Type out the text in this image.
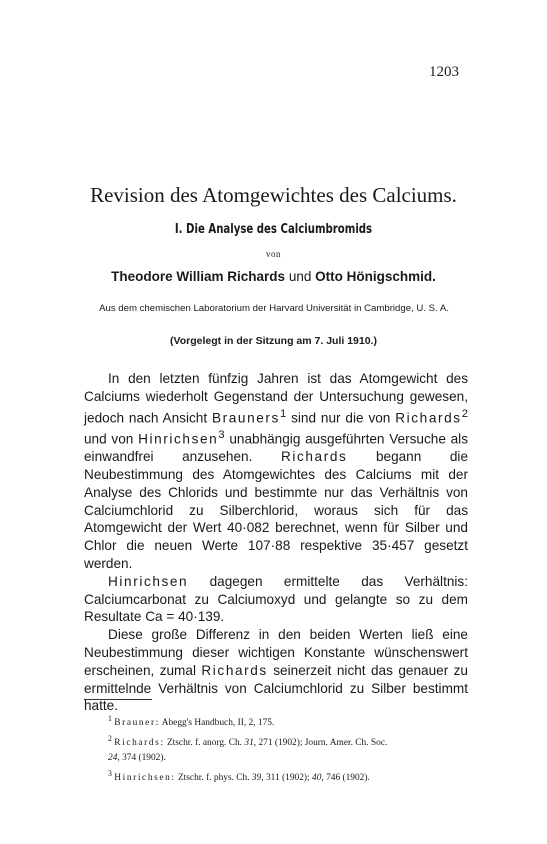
1203
Revision des Atomgewichtes des Calciums.
I. Die Analyse des Calciumbromids
von
Theodore William Richards und Otto Hönigschmid.
Aus dem chemischen Laboratorium der Harvard Universität in Cambridge, U. S. A.
(Vorgelegt in der Sitzung am 7. Juli 1910.)

In den letzten fünfzig Jahren ist das Atomgewicht des Calciums wiederholt Gegenstand der Untersuchung gewesen, jedoch nach Ansicht Brauners$^1$ sind nur die von Richards$^2$ und von Hinrichsen$^3$ unabhängig ausgeführten Versuche als einwandfrei anzusehen. Richards begann die Neubestimmung des Atomgewichtes des Calciums mit der Analyse des Chlorids und bestimmte nur das Verhältnis von Calciumchlorid zu Silberchlorid, woraus sich für das Atomgewicht der Wert 40·082 berechnet, wenn für Silber und Chlor die neuen Werte 107·88 respektive 35·457 gesetzt werden.

Hinrichsen dagegen ermittelte das Verhältnis: Calciumcarbonat zu Calciumoxyd und gelangte so zu dem Resultate Ca = 40·139.

Diese große Differenz in den beiden Werten ließ eine Neubestimmung dieser wichtigen Konstante wünschenswert erscheinen, zumal Richards seinerzeit nicht das genauer zu ermittelnde Verhältnis von Calciumchlorid zu Silber bestimmt hatte.

$^1$ Brauner: Abegg's Handbuch, II, 2, 175.

$^2$ Richards: Ztschr. f. anorg. Ch. 31, 271 (1902); Journ. Amer. Ch. Soc.
24, 374 (1902).

$^3$ Hinrichsen: Ztschr. f. phys. Ch. 39, 311 (1902); 40, 746 (1902).
